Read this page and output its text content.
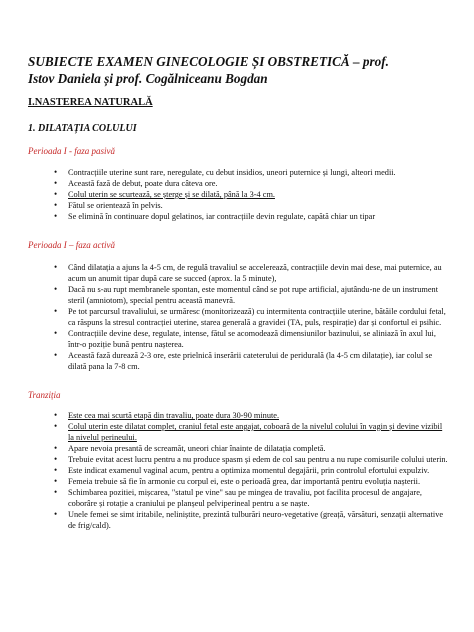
SUBIECTE EXAMEN GINECOLOGIE ȘI OBSTRETICĂ – prof.
Istov Daniela și prof. Cogălniceanu Bogdan
I.NASTEREA NATURALĂ
1. DILATAȚIA COLULUI
Perioada I - faza pasivă
• Contracțiile uterine sunt rare, neregulate, cu debut insidios, uneori puternice și lungi, alteori medii.
• Această fază de debut, poate dura câteva ore.
• Colul uterin se scurtează, se șterge și se dilată, până la 3-4 cm.
• Fătul se orientează în pelvis.
• Se elimină în continuare dopul gelatinos, iar contracțiile devin regulate, capătă chiar un tipar
Perioada I – faza activă
• Când dilatația a ajuns la 4-5 cm, de regulă travaliul se accelerează, contracțiile devin mai dese, mai puternice, au acum un anumit tipar după care se succed (aprox. la 5 minute),
• Dacă nu s-au rupt membranele spontan, este momentul când se pot rupe artificial, ajutându-ne de un instrument steril (amniotom), special pentru această manevră.
• Pe tot parcursul travaliului, se urmăresc (monitorizează) cu intermitenta contracțiile uterine, bătăile cordului fetal, ca răspuns la stresul contracției uterine, starea generală a gravidei (TA, puls, respirație) dar și confortul ei psihic.
• Contracțiile devine dese, regulate, intense, fătul se acomodează dimensiunilor bazinului, se aliniază în axul lui, într-o poziție bună pentru nașterea.
• Această fază durează 2-3 ore, este prielnică inserării cateterului de peridurală (la 4-5 cm dilatație), iar colul se dilată pana la 7-8 cm.
Tranziția
• Este cea mai scurtă etapă din travaliu, poate dura 30-90 minute.
• Colul uterin este dilatat complet, craniul fetal este angajat, coboară de la nivelul colului în vagin și devine vizibil la nivelul perineului.
• Apare nevoia presantă de screamăt, uneori chiar înainte de dilatația completă.
• Trebuie evitat acest lucru pentru a nu produce spasm și edem de col sau pentru a nu rupe comisurile colului uterin.
• Este indicat examenul vaginal acum, pentru a optimiza momentul degajării, prin controlul efortului expulziv.
• Femeia trebuie să fie în armonie cu corpul ei, este o perioadă grea, dar importantă pentru evoluția nașterii.
• Schimbarea pozitiei, mișcarea, "statul pe vine" sau pe mingea de travaliu, pot facilita procesul de angajare, coborâre și rotație a craniului pe planșeul pelviperineal pentru a se naște.
• Unele femei se simt iritabile, neliniștite, prezintă tulburări neuro-vegetative (greață, vărsături, senzații alternative de frig/cald).
